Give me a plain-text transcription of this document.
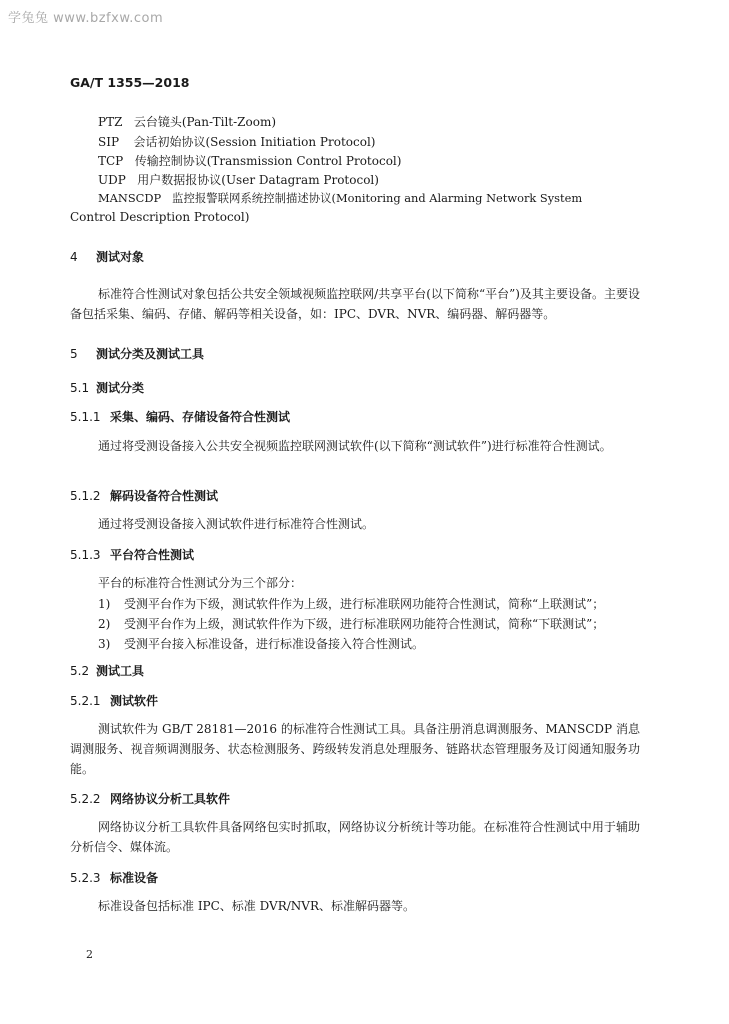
学兔兔 www.bzfxw.com
GA/T 1355—2018
PTZ 云台镜头(Pan-Tilt-Zoom)
SIP 会话初始协议(Session Initiation Protocol)
TCP 传输控制协议(Transmission Control Protocol)
UDP 用户数据报协议(User Datagram Protocol)
MANSCDP 监控报警联网系统控制描述协议(Monitoring and Alarming Network System
Control Description Protocol)
4 测试对象
标准符合性测试对象包括公共安全领域视频监控联网/共享平台(以下简称“平台”)及其主要设备。主要设备包括采集、编码、存储、解码等相关设备，如：IPC、DVR、NVR、编码器、解码器等。
5 测试分类及测试工具
5.1 测试分类
5.1.1 采集、编码、存储设备符合性测试
通过将受测设备接入公共安全视频监控联网测试软件(以下简称“测试软件”)进行标准符合性测试。
5.1.2 解码设备符合性测试
通过将受测设备接入测试软件进行标准符合性测试。
5.1.3 平台符合性测试
平台的标准符合性测试分为三个部分：
1) 受测平台作为下级，测试软件作为上级，进行标准联网功能符合性测试，简称“上联测试”；
2) 受测平台作为上级，测试软件作为下级，进行标准联网功能符合性测试，简称“下联测试”；
3) 受测平台接入标准设备，进行标准设备接入符合性测试。
5.2 测试工具
5.2.1 测试软件
测试软件为 GB/T 28181—2016 的标准符合性测试工具。具备注册消息调测服务、MANSCDP 消息调测服务、视音频调测服务、状态检测服务、跨级转发消息处理服务、链路状态管理服务及订阅通知服务功能。
5.2.2 网络协议分析工具软件
网络协议分析工具软件具备网络包实时抓取，网络协议分析统计等功能。在标准符合性测试中用于辅助分析信令、媒体流。
5.2.3 标准设备
标准设备包括标准 IPC、标准 DVR/NVR、标准解码器等。
2
